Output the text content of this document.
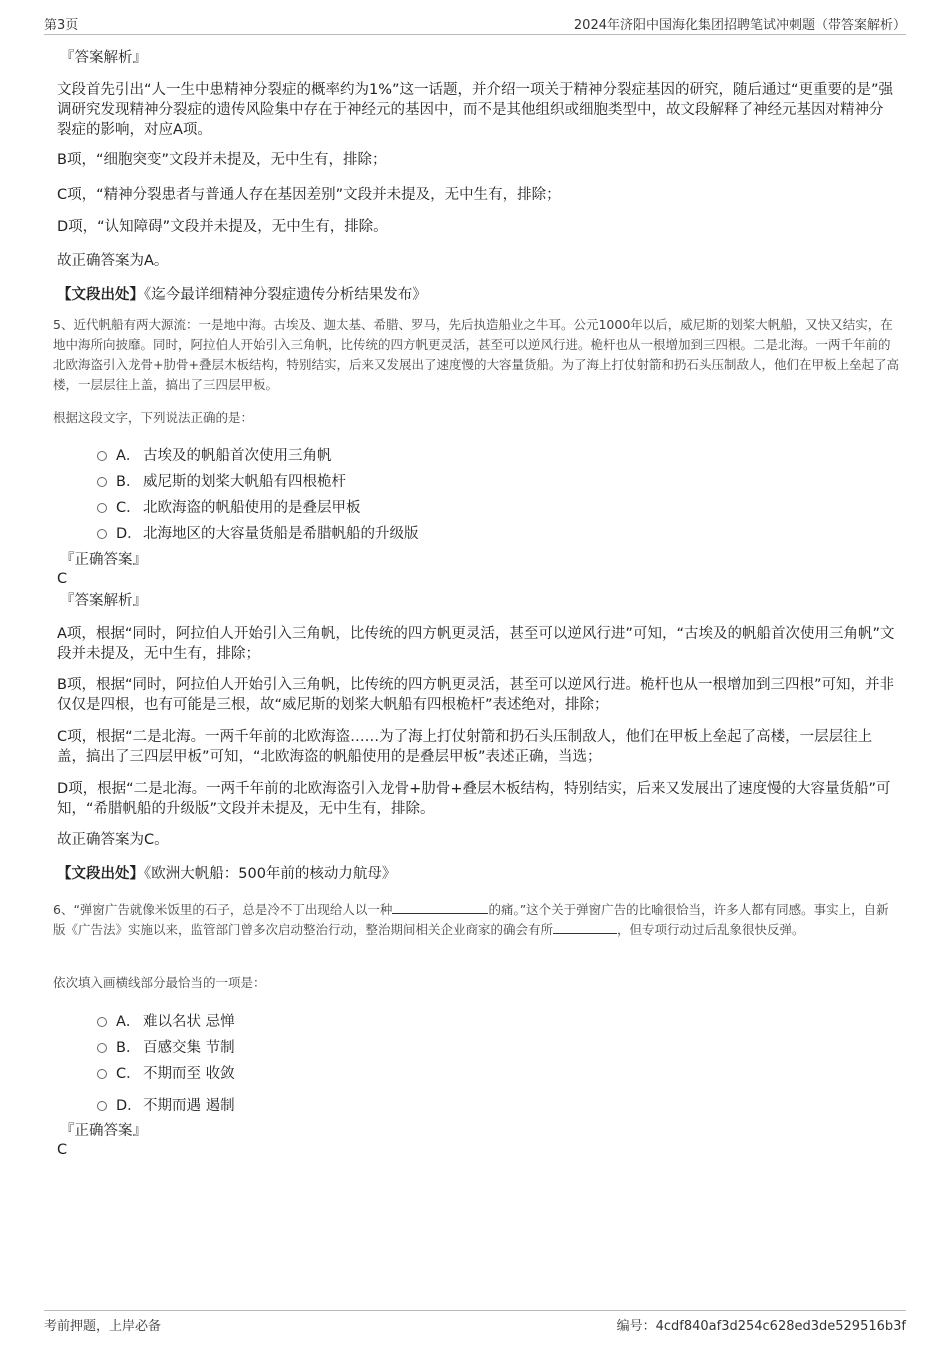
第3页	2024年济阳中国海化集团招聘笔试冲刺题（带答案解析）
『答案解析』
文段首先引出“人一生中患精神分裂症的概率约为1%”这一话题，并介绍一项关于精神分裂症基因的研究，随后通过“更重要的是”强调研究发现精神分裂症的遗传风险集中存在于神经元的基因中，而不是其他组织或细胞类型中，故文段解释了神经元基因对精神分裂症的影响，对应A项。
B项，“细胞突变”文段并未提及，无中生有，排除；
C项，“精神分裂患者与普通人存在基因差别”文段并未提及，无中生有，排除；
D项，“认知障碍”文段并未提及，无中生有，排除。
故正确答案为A。
【文段出处】《迄今最详细精神分裂症遗传分析结果发布》
5、近代帆船有两大源流：一是地中海。古埃及、迦太基、希腊、罗马，先后执造船业之牛耳。公元1000年以后，威尼斯的划桨大帆船，又快又结实，在地中海所向披靡。同时，阿拉伯人开始引入三角帆，比传统的四方帆更灵活，甚至可以逆风行进。桅杆也从一根增加到三四根。二是北海。一两千年前的北欧海盗引入龙骨+肋骨+叠层木板结构，特别结实，后来又发展出了速度慢的大容量货船。为了海上打仗射箭和扔石头压制敌人，他们在甲板上垒起了高楼，一层层往上盖，搞出了三四层甲板。
根据这段文字，下列说法正确的是：
A． 古埃及的帆船首次使用三角帆
B． 威尼斯的划桨大帆船有四根桅杆
C． 北欧海盗的帆船使用的是叠层甲板
D．北海地区的大容量货船是希腊帆船的升级版
『正确答案』
C
『答案解析』
A项，根据“同时，阿拉伯人开始引入三角帆，比传统的四方帆更灵活，甚至可以逆风行进”可知，“古埃及的帆船首次使用三角帆”文段并未提及，无中生有，排除；
B项，根据“同时，阿拉伯人开始引入三角帆，比传统的四方帆更灵活，甚至可以逆风行进。桅杆也从一根增加到三四根”可知，并非仅仅是四根，也有可能是三根，故“威尼斯的划桨大帆船有四根桅杆”表述绝对，排除；
C项，根据“二是北海。一两千年前的北欧海盗……为了海上打仗射箭和扔石头压制敌人，他们在甲板上垒起了高楼，一层层往上盖，搞出了三四层甲板”可知，“北欧海盗的帆船使用的是叠层甲板”表述正确，当选；
D项，根据“二是北海。一两千年前的北欧海盗引入龙骨+肋骨+叠层木板结构，特别结实，后来又发展出了速度慢的大容量货船”可知，“希腊帆船的升级版”文段并未提及，无中生有，排除。
故正确答案为C。
【文段出处】《欧洲大帆船：500年前的核动力航母》
6、“弹窗广告就像米饭里的石子，总是冷不丁出现给人以一种	的痛。”这个关于弹窗广告的比喻很恰当，许多人都有同感。事实上，自新版《广告法》实施以来，监管部门曾多次启动整治行动，整治期间相关企业商家的确会有所	，但专项行动过后乱象很快反弹。
依次填入画横线部分最恰当的一项是：
A． 难以名状 忌惮
B． 百感交集 节制
C． 不期而至 收敛
D．不期而遇 遏制
『正确答案』
C
考前押题，上岸必备	编号：4cdf840af3d254c628ed3de529516b3f
